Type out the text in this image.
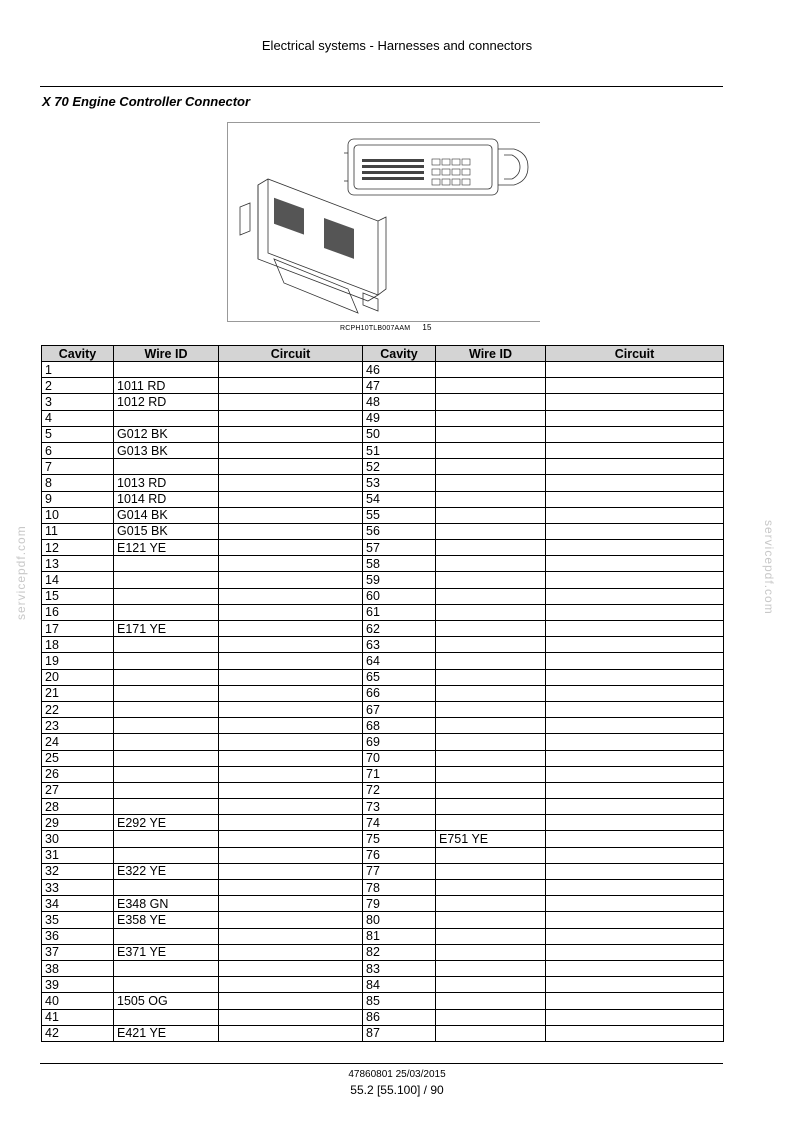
Electrical systems - Harnesses and connectors
X 70 Engine Controller Connector
RCPH10TLB007AAM 15
Cavity	Wire ID	Circuit	Cavity	Wire ID	Circuit
1			46		
2	1011 RD		47		
3	1012 RD		48		
4			49		
5	G012 BK		50		
6	G013 BK		51		
7			52		
8	1013 RD		53		
9	1014 RD		54		
10	G014 BK		55		
11	G015 BK		56		
12	E121 YE		57		
13			58		
14			59		
15			60		
16			61		
17	E171 YE		62		
18			63		
19			64		
20			65		
21			66		
22			67		
23			68		
24			69		
25			70		
26			71		
27			72		
28			73		
29	E292 YE		74		
30			75	E751 YE	
31			76		
32	E322 YE		77		
33			78		
34	E348 GN		79		
35	E358 YE		80		
36			81		
37	E371 YE		82		
38			83		
39			84		
40	1505 OG		85		
41			86		
42	E421 YE		87		
47860801 25/03/2015
55.2 [55.100] / 90
servicepdf.com	servicepdf.com
